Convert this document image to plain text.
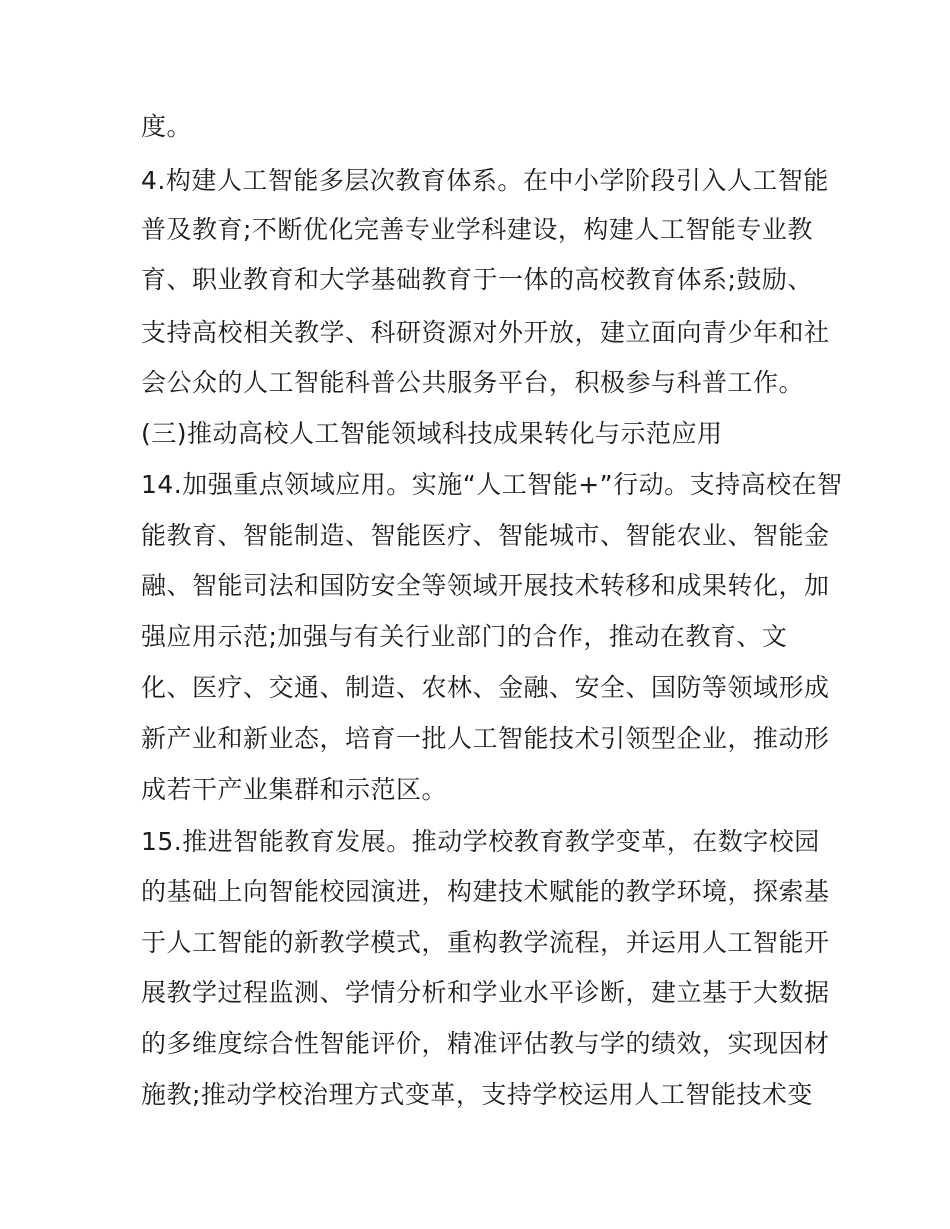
度。
4.构建人工智能多层次教育体系。在中小学阶段引入人工智能
普及教育;不断优化完善专业学科建设，构建人工智能专业教
育、职业教育和大学基础教育于一体的高校教育体系;鼓励、
支持高校相关教学、科研资源对外开放，建立面向青少年和社
会公众的人工智能科普公共服务平台，积极参与科普工作。
(三)推动高校人工智能领域科技成果转化与示范应用
14.加强重点领域应用。实施“人工智能+”行动。支持高校在智
能教育、智能制造、智能医疗、智能城市、智能农业、智能金
融、智能司法和国防安全等领域开展技术转移和成果转化，加
强应用示范;加强与有关行业部门的合作，推动在教育、文
化、医疗、交通、制造、农林、金融、安全、国防等领域形成
新产业和新业态，培育一批人工智能技术引领型企业，推动形
成若干产业集群和示范区。
15.推进智能教育发展。推动学校教育教学变革，在数字校园
的基础上向智能校园演进，构建技术赋能的教学环境，探索基
于人工智能的新教学模式，重构教学流程，并运用人工智能开
展教学过程监测、学情分析和学业水平诊断，建立基于大数据
的多维度综合性智能评价，精准评估教与学的绩效，实现因材
施教;推动学校治理方式变革，支持学校运用人工智能技术变
